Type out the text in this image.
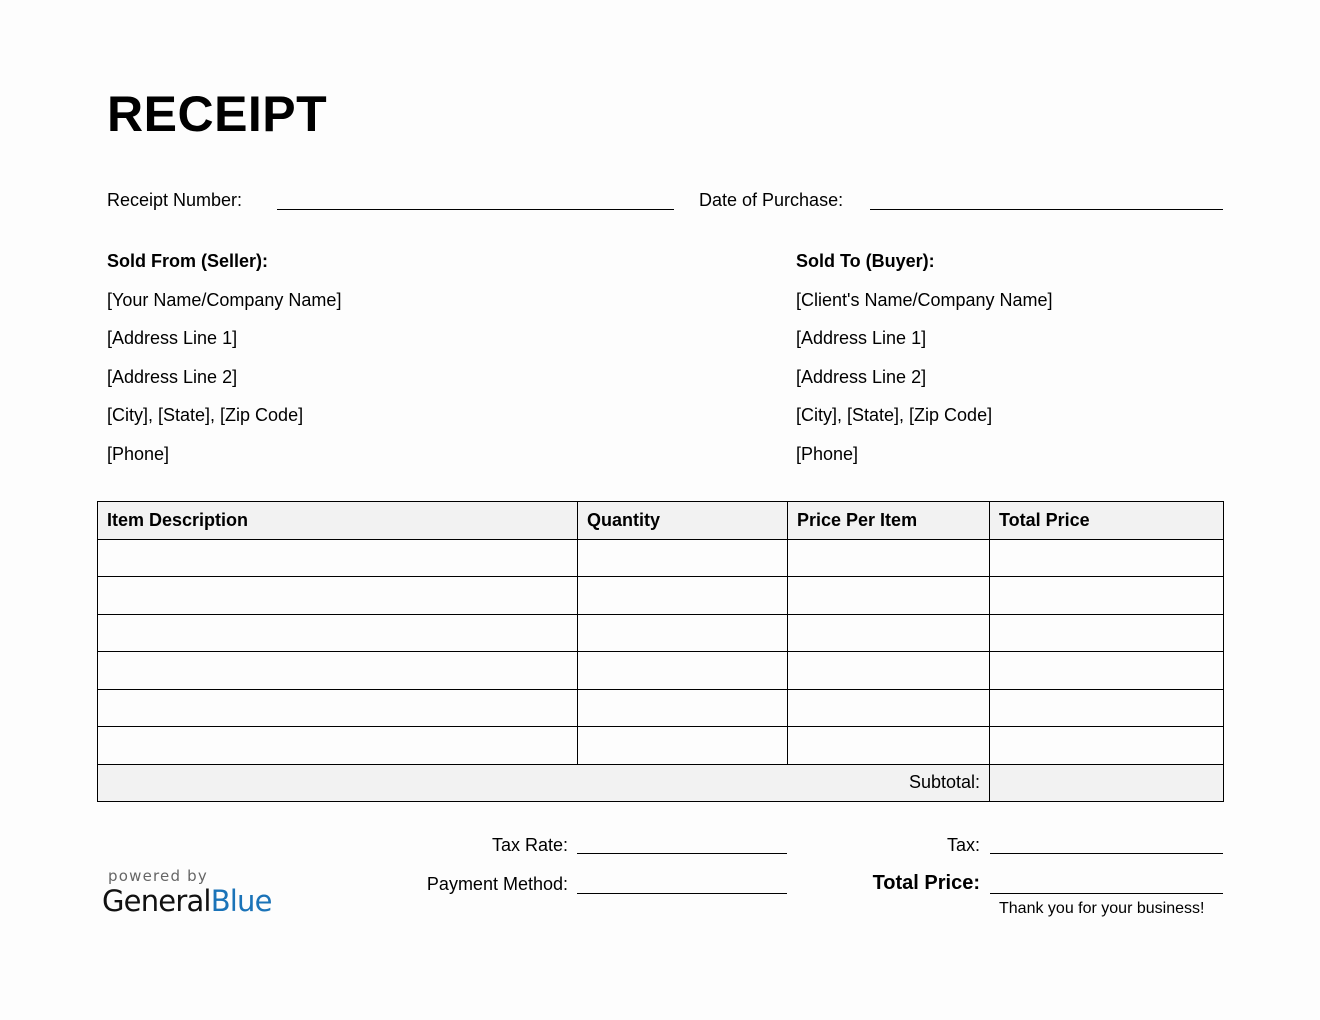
RECEIPT
Receipt Number:	Date of Purchase:
Sold From (Seller):
[Your Name/Company Name]
[Address Line 1]
[Address Line 2]
[City], [State], [Zip Code]
[Phone]
Sold To (Buyer):
[Client's Name/Company Name]
[Address Line 1]
[Address Line 2]
[City], [State], [Zip Code]
[Phone]
Item Description	Quantity	Price Per Item	Total Price

Subtotal:			
Tax Rate:
Payment Method:
Tax:
Total Price:
Thank you for your business!
powered by
GeneralBlue
